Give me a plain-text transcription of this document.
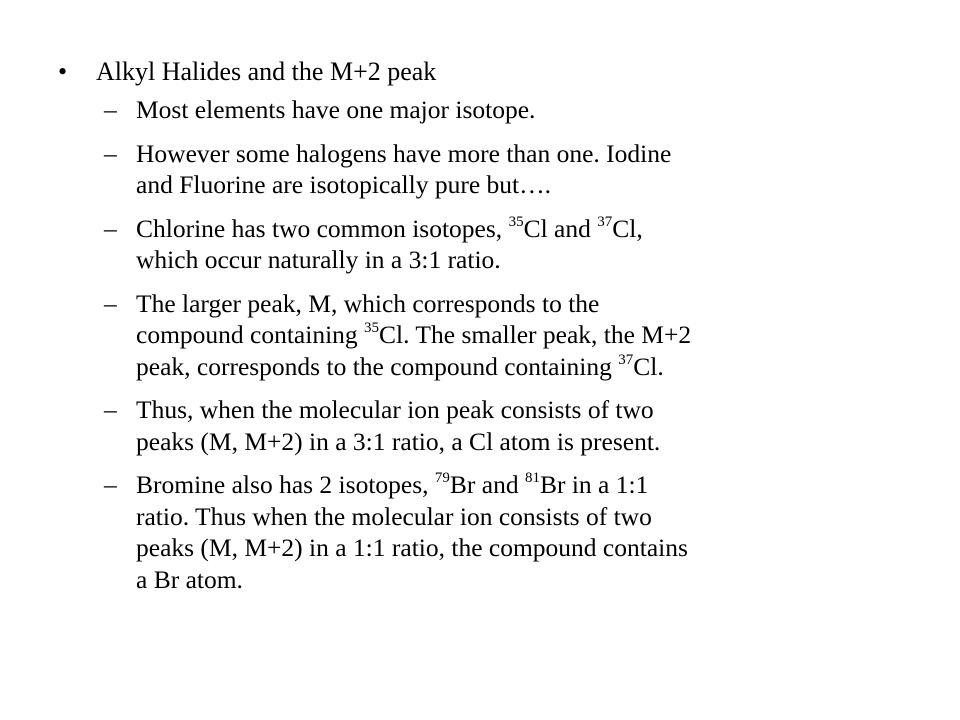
• Alkyl Halides and the M+2 peak
– Most elements have one major isotope.
– However some halogens have more than one. Iodine
and Fluorine are isotopically pure but….
– Chlorine has two common isotopes, $^{35}$Cl and $^{37}$Cl,
which occur naturally in a 3:1 ratio.
– The larger peak, M, which corresponds to the
compound containing $^{35}$Cl. The smaller peak, the M+2
peak, corresponds to the compound containing $^{37}$Cl.
– Thus, when the molecular ion peak consists of two
peaks (M, M+2) in a 3:1 ratio, a Cl atom is present.
– Bromine also has 2 isotopes, $^{79}$Br and $^{81}$Br in a 1:1
ratio. Thus when the molecular ion consists of two
peaks (M, M+2) in a 1:1 ratio, the compound contains
a Br atom.
